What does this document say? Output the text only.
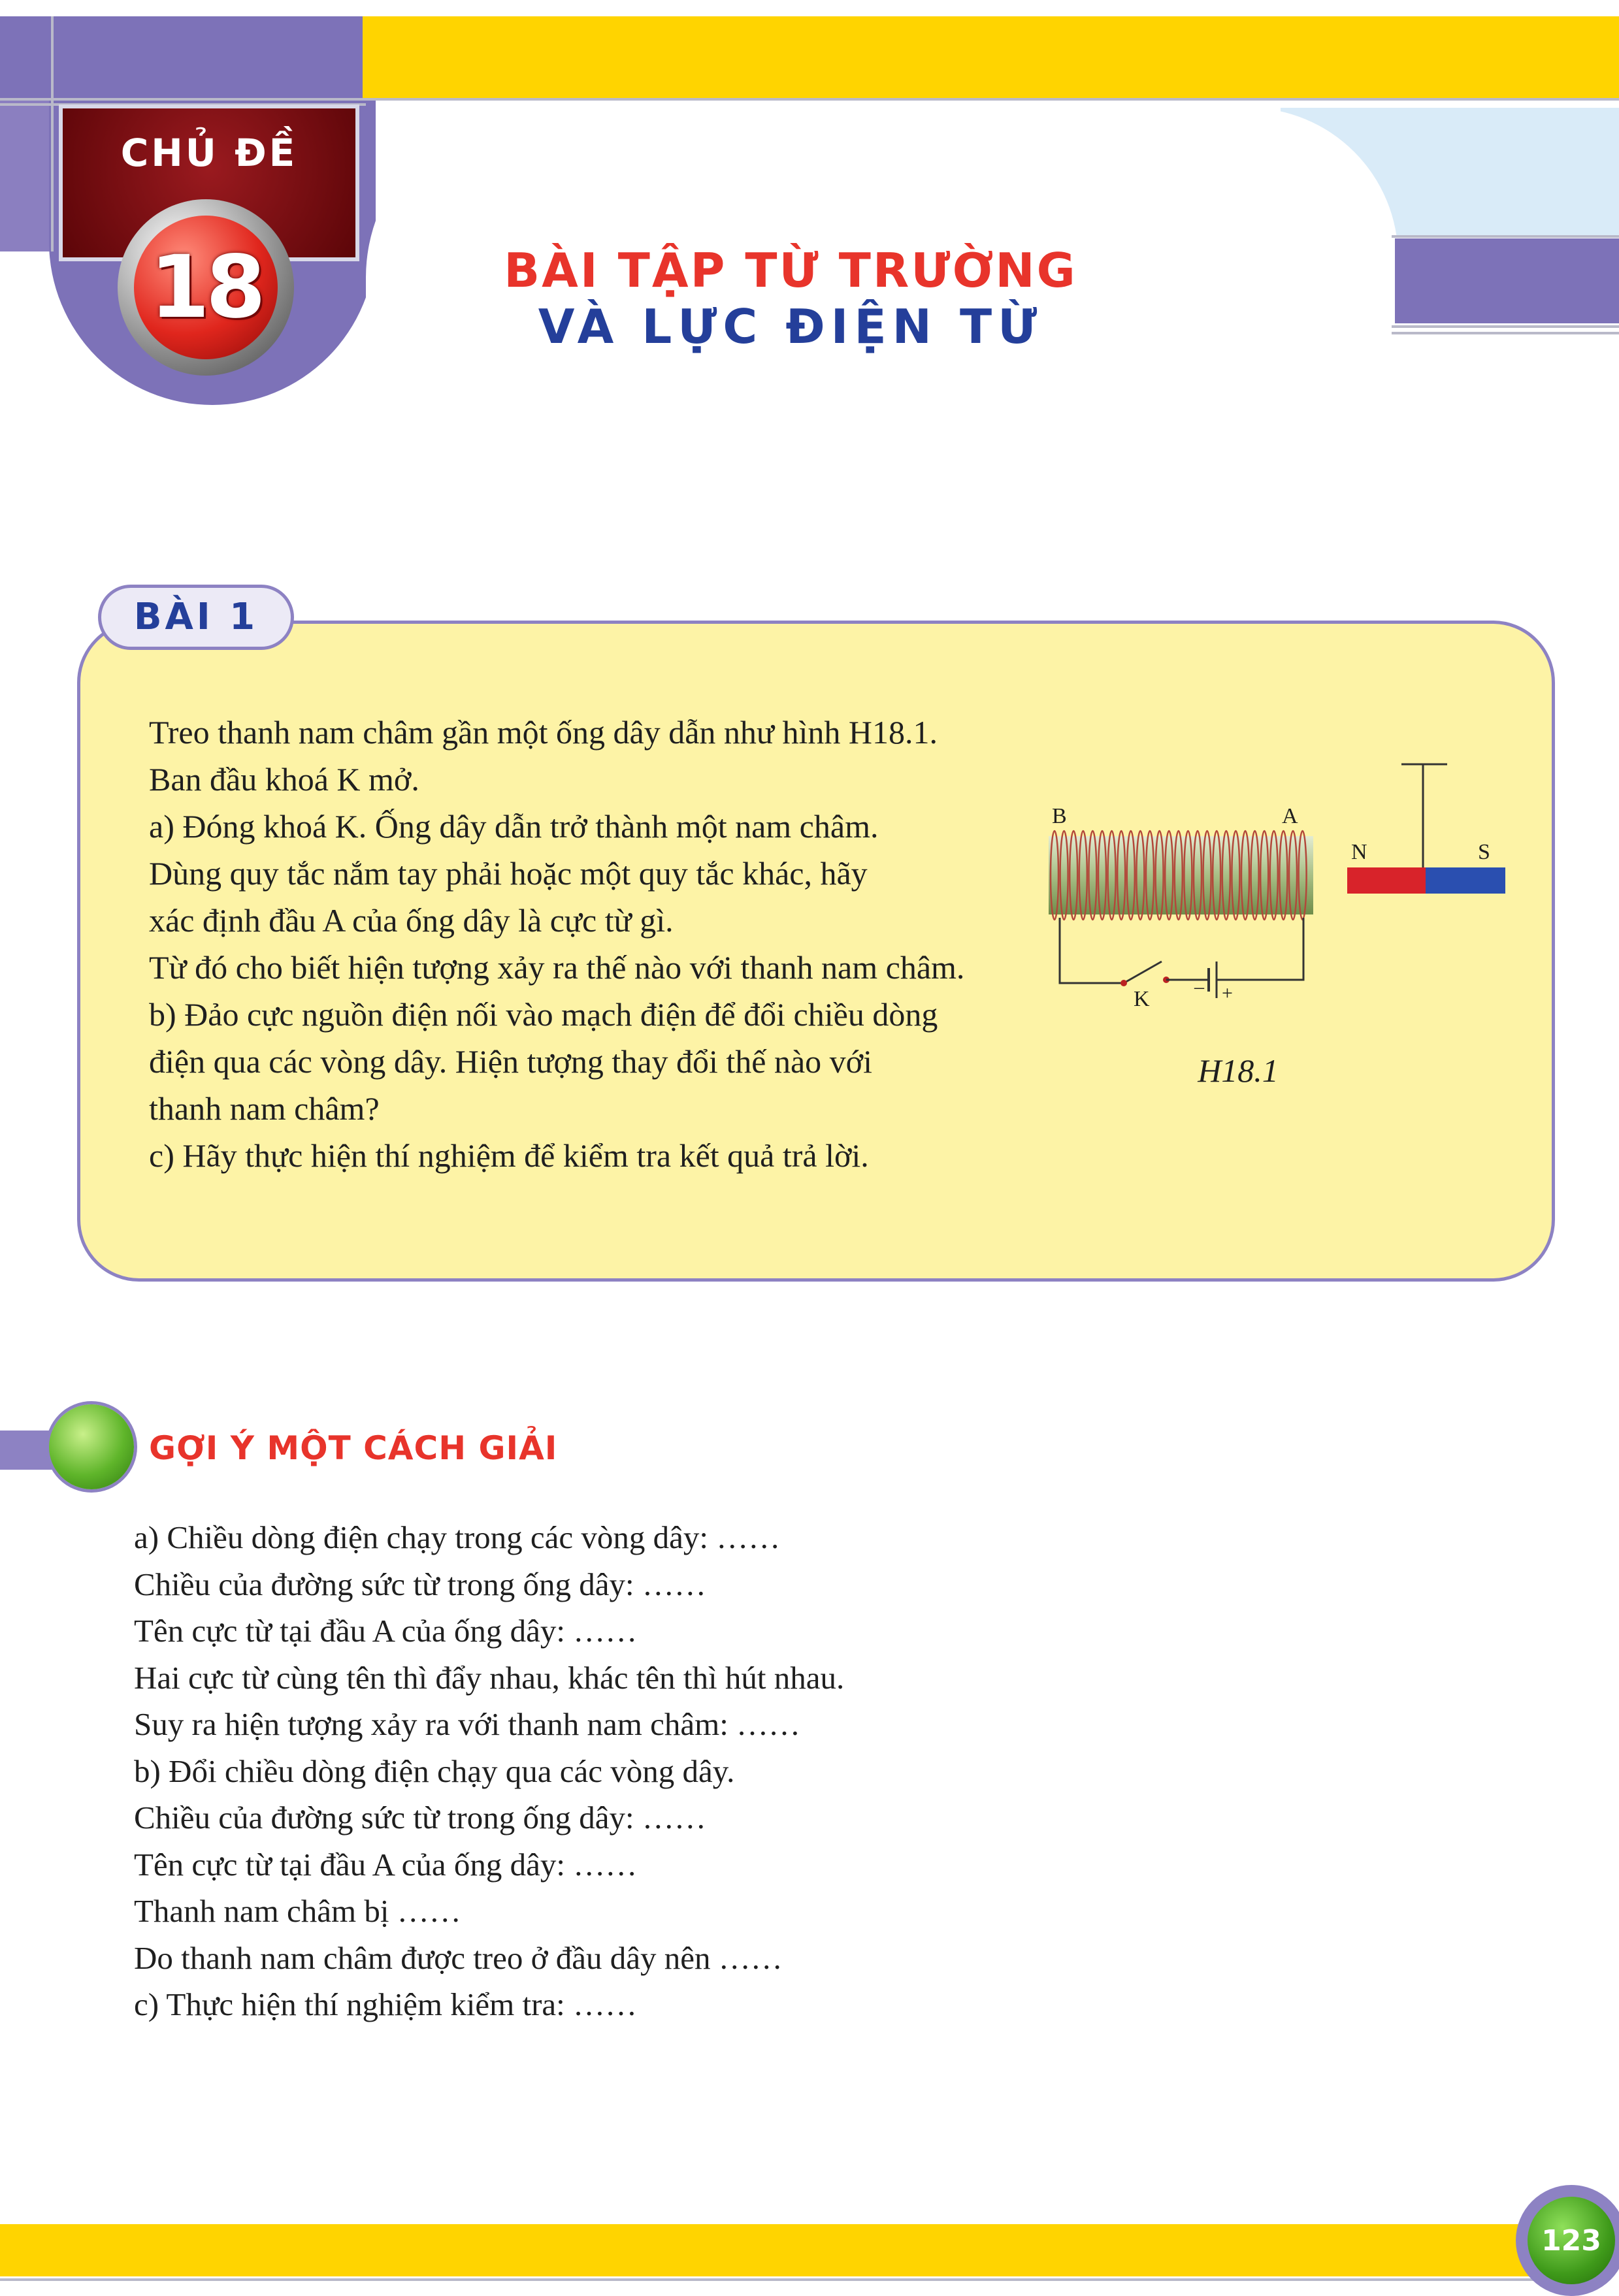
CHỦ ĐỀ
18	BÀI TẬP TỪ TRƯỜNG
VÀ LỰC ĐIỆN TỪ
BÀI 1
Treo thanh nam châm gần một ống dây dẫn như hình H18.1.
Ban đầu khoá K mở.
a) Đóng khoá K. Ống dây dẫn trở thành một nam châm.
Dùng quy tắc nắm tay phải hoặc một quy tắc khác, hãy
xác định đầu A của ống dây là cực từ gì.
Từ đó cho biết hiện tượng xảy ra thế nào với thanh nam châm.
b) Đảo cực nguồn điện nối vào mạch điện để đổi chiều dòng
điện qua các vòng dây. Hiện tượng thay đổi thế nào với
thanh nam châm?
c) Hãy thực hiện thí nghiệm để kiểm tra kết quả trả lời.
B	A
K
– +
N	S
H18.1
GỢI Ý MỘT CÁCH GIẢI
a) Chiều dòng điện chạy trong các vòng dây: ……
Chiều của đường sức từ trong ống dây: ……
Tên cực từ tại đầu A của ống dây: ……
Hai cực từ cùng tên thì đẩy nhau, khác tên thì hút nhau.
Suy ra hiện tượng xảy ra với thanh nam châm: ……
b) Đổi chiều dòng điện chạy qua các vòng dây.
Chiều của đường sức từ trong ống dây: ……
Tên cực từ tại đầu A của ống dây: ……
Thanh nam châm bị ……
Do thanh nam châm được treo ở đầu dây nên ……
c) Thực hiện thí nghiệm kiểm tra: ……
123
